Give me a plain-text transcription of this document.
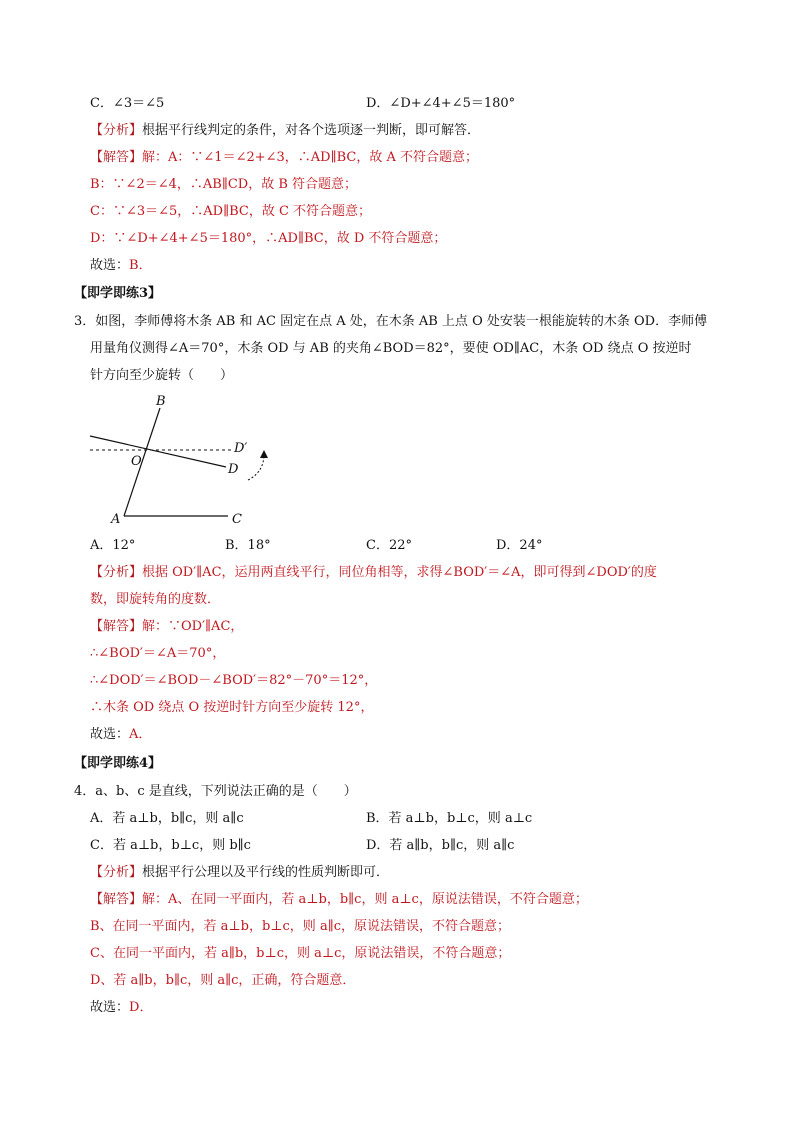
C．∠3＝∠5	D．∠D+∠4+∠5＝180°
【分析】根据平行线判定的条件，对各个选项逐一判断，即可解答．
【解答】解：A：∵∠1＝∠2+∠3，∴AD∥BC，故 A 不符合题意；
B：∵∠2＝∠4，∴AB∥CD，故 B 符合题意；
C：∵∠3＝∠5，∴AD∥BC，故 C 不符合题意；
D：∵∠D+∠4+∠5＝180°，∴AD∥BC，故 D 不符合题意；
故选：B．
【即学即练3】
3．如图，李师傅将木条 AB 和 AC 固定在点 A 处，在木条 AB 上点 O 处安装一根能旋转的木条 OD．李师傅
用量角仪测得∠A＝70°，木条 OD 与 AB 的夹角∠BOD＝82°，要使 OD∥AC，木条 OD 绕点 O 按逆时
针方向至少旋转（　　）
B
D′
O
D
A	C
A．12°	B．18°	C．22°	D．24°
【分析】根据 OD′∥AC，运用两直线平行，同位角相等，求得∠BOD′＝∠A，即可得到∠DOD′的度
数，即旋转角的度数．
【解答】解：∵OD′∥AC，
∴∠BOD′＝∠A＝70°，
∴∠DOD′＝∠BOD－∠BOD′＝82°－70°＝12°，
∴木条 OD 绕点 O 按逆时针方向至少旋转 12°，
故选：A．
【即学即练4】
4．a、b、c 是直线，下列说法正确的是（　　）
A．若 a⊥b，b∥c，则 a∥c	B．若 a⊥b，b⊥c，则 a⊥c
C．若 a⊥b，b⊥c，则 b∥c	D．若 a∥b，b∥c，则 a∥c
【分析】根据平行公理以及平行线的性质判断即可．
【解答】解：A、在同一平面内，若 a⊥b，b∥c，则 a⊥c，原说法错误，不符合题意；
B、在同一平面内，若 a⊥b，b⊥c，则 a∥c，原说法错误，不符合题意；
C、在同一平面内，若 a∥b，b⊥c，则 a⊥c，原说法错误，不符合题意；
D、若 a∥b，b∥c，则 a∥c，正确，符合题意．
故选：D．
